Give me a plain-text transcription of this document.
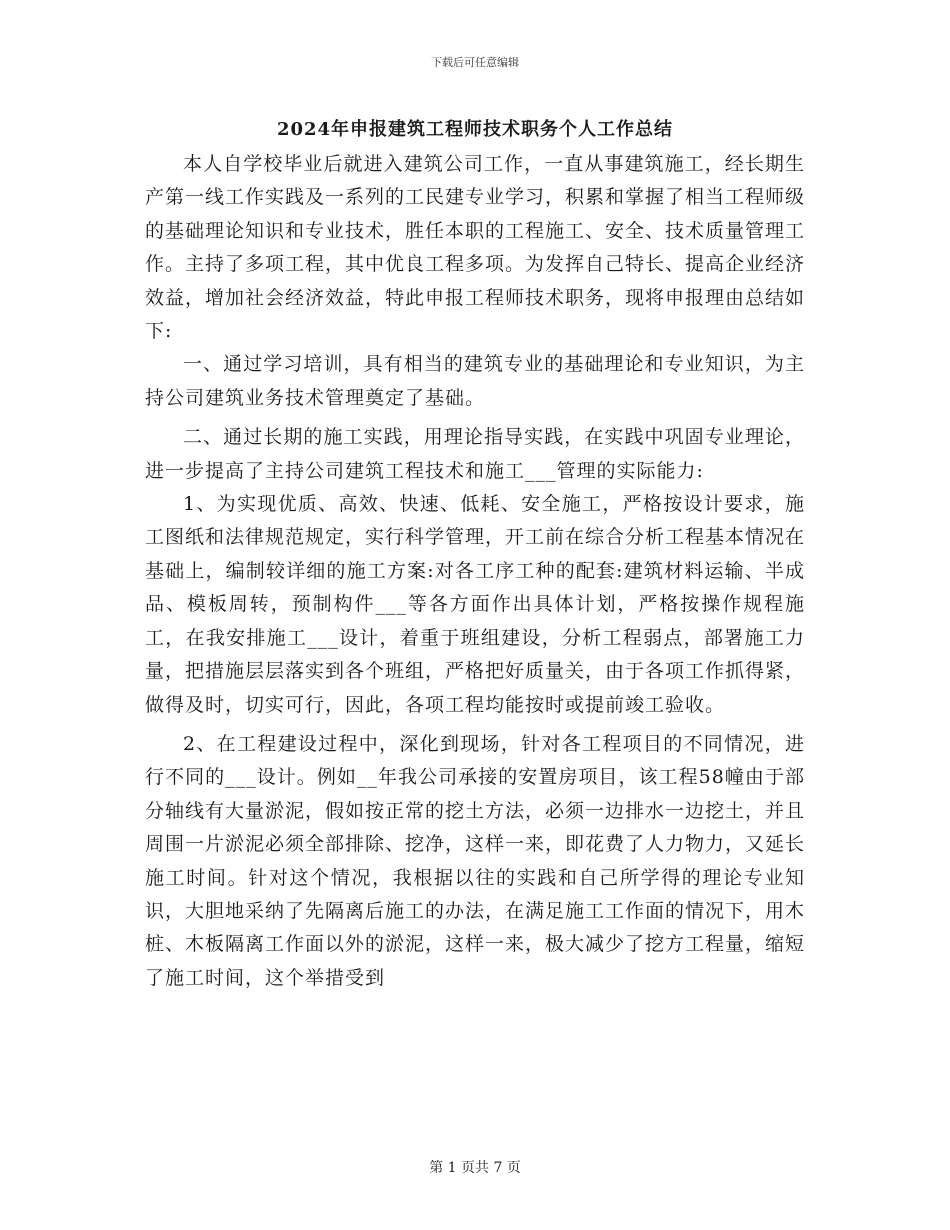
下载后可任意编辑
2024年申报建筑工程师技术职务个人工作总结

本人自学校毕业后就进入建筑公司工作，一直从事建筑施工，经长期生产第一线工作实践及一系列的工民建专业学习，积累和掌握了相当工程师级的基础理论知识和专业技术，胜任本职的工程施工、安全、技术质量管理工作。主持了多项工程，其中优良工程多项。为发挥自己特长、提高企业经济效益，增加社会经济效益，特此申报工程师技术职务，现将申报理由总结如下:

一、通过学习培训，具有相当的建筑专业的基础理论和专业知识，为主持公司建筑业务技术管理奠定了基础。

二、通过长期的施工实践，用理论指导实践，在实践中巩固专业理论，进一步提高了主持公司建筑工程技术和施工___管理的实际能力:

1、为实现优质、高效、快速、低耗、安全施工，严格按设计要求，施工图纸和法律规范规定，实行科学管理，开工前在综合分析工程基本情况在基础上，编制较详细的施工方案:对各工序工种的配套:建筑材料运输、半成品、模板周转，预制构件___等各方面作出具体计划，严格按操作规程施工，在我安排施工___设计，着重于班组建设，分析工程弱点，部署施工力量，把措施层层落实到各个班组，严格把好质量关，由于各项工作抓得紧，做得及时，切实可行，因此，各项工程均能按时或提前竣工验收。

2、在工程建设过程中，深化到现场，针对各工程项目的不同情况，进行不同的___设计。例如__年我公司承接的安置房项目，该工程58幢由于部分轴线有大量淤泥，假如按正常的挖土方法，必须一边排水一边挖土，并且周围一片淤泥必须全部排除、挖净，这样一来，即花费了人力物力，又延长施工时间。针对这个情况，我根据以往的实践和自己所学得的理论专业知识，大胆地采纳了先隔离后施工的办法，在满足施工工作面的情况下，用木桩、木板隔离工作面以外的淤泥，这样一来，极大减少了挖方工程量，缩短了施工时间，这个举措受到

第 1 页共 7 页
